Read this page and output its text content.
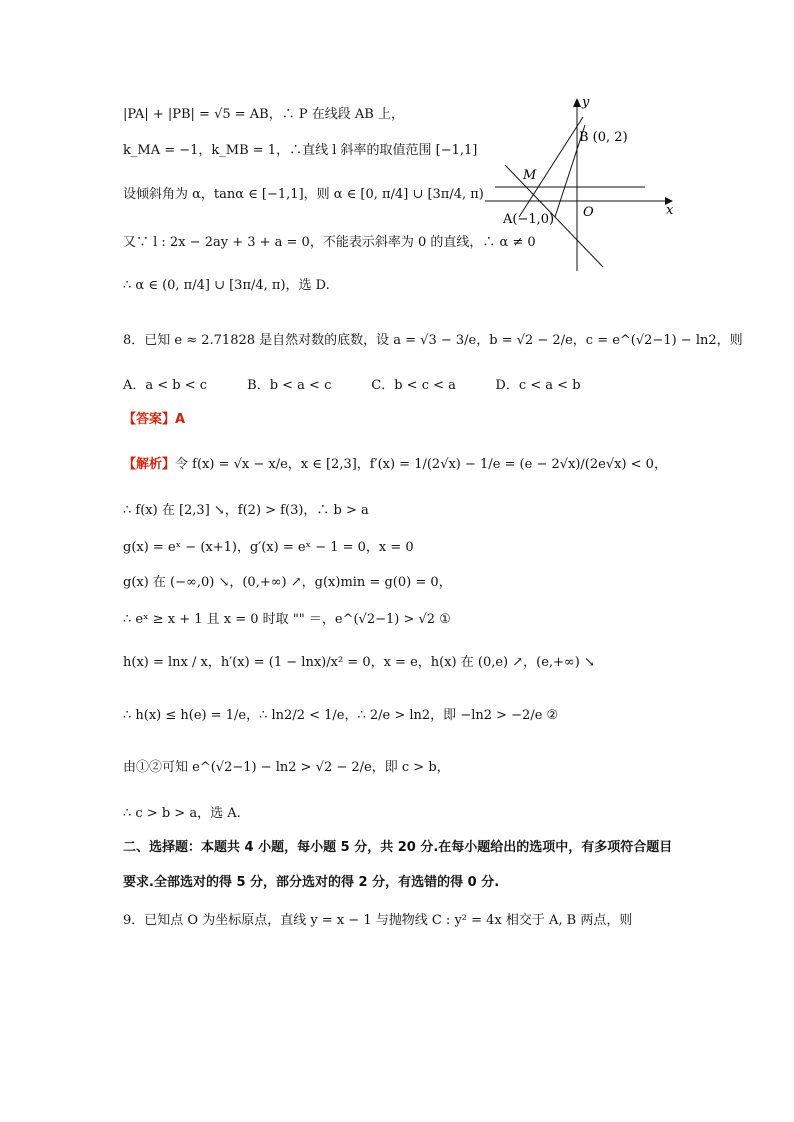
|PA| + |PB| = √5 = AB，∴ P 在线段 AB 上，
k_MA = −1，k_MB = 1，∴直线 l 斜率的取值范围 [−1,1]
设倾斜角为 α，tanα ∈ [−1,1]，则 α ∈ [0, π/4] ∪ [3π/4, π)
又∵ l : 2x − 2ay + 3 + a = 0，不能表示斜率为 0 的直线，∴ α ≠ 0
∴ α ∈ (0, π/4] ∪ [3π/4, π)，选 D.
y
x
O
B (0, 2)
M
A(−1,0)
8．已知 e ≈ 2.71828 是自然对数的底数，设 a = √3 − 3/e，b = √2 − 2/e，c = e^(√2−1) − ln2，则
A．a < b < c	B．b < a < c	C．b < c < a	D．c < a < b
【答案】A
【解析】令 f(x) = √x − x/e，x ∈ [2,3]，f′(x) = 1/(2√x) − 1/e = (e − 2√x)/(2e√x) < 0，
∴ f(x) 在 [2,3] ↘，f(2) > f(3)，∴ b > a
g(x) = eˣ − (x+1)，g′(x) = eˣ − 1 = 0，x = 0
g(x) 在 (−∞,0) ↘，(0,+∞) ↗，g(x)min = g(0) = 0，
∴ eˣ ≥ x + 1 且 x = 0 时取 "" ＝，e^(√2−1) > √2 ①
h(x) = lnx / x，h′(x) = (1 − lnx)/x² = 0，x = e，h(x) 在 (0,e) ↗，(e,+∞) ↘
∴ h(x) ≤ h(e) = 1/e，∴ ln2/2 < 1/e，∴ 2/e > ln2，即 −ln2 > −2/e ②
由①②可知 e^(√2−1) − ln2 > √2 − 2/e，即 c > b，
∴ c > b > a，选 A.
二、选择题：本题共 4 小题，每小题 5 分，共 20 分.在每小题给出的选项中，有多项符合题目
要求.全部选对的得 5 分，部分选对的得 2 分，有选错的得 0 分.
9．已知点 O 为坐标原点，直线 y = x − 1 与抛物线 C : y² = 4x 相交于 A, B 两点，则
